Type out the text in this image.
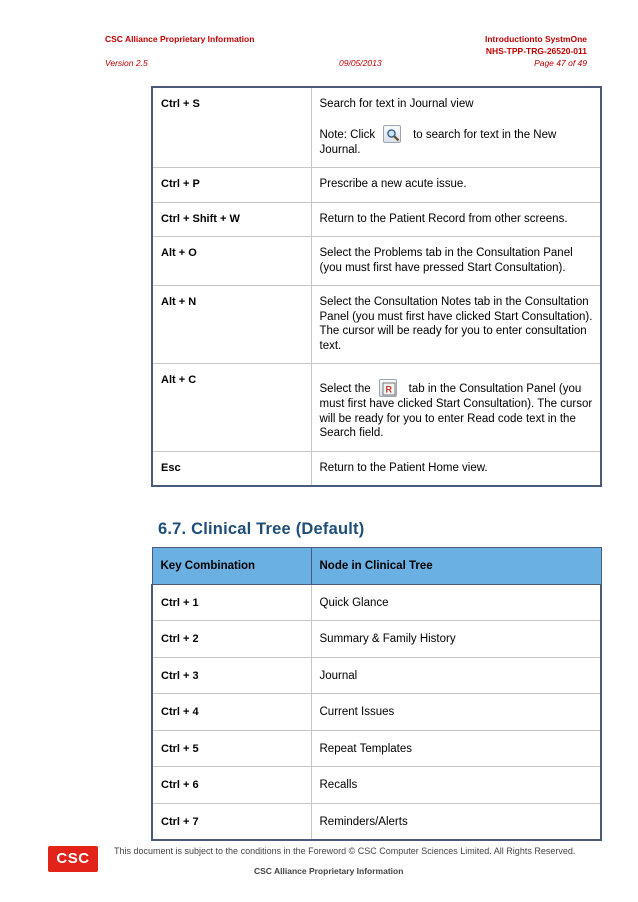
CSC Alliance Proprietary Information	Introductionto SystmOne
NHS-TPP-TRG-26520-011
Version 2.5	09/05/2013	Page 47 of 49
Ctrl + S	Search for text in Journal view
Note: Click to search for text in the New Journal.

Ctrl + P	Prescribe a new acute issue.
Ctrl + Shift + W	Return to the Patient Record from other screens.
Alt + O	Select the Problems tab in the Consultation Panel (you must first have pressed Start Consultation).
Alt + N	Select the Consultation Notes tab in the Consultation Panel (you must first have clicked Start Consultation). The cursor will be ready for you to enter consultation text.
Alt + C	Select the R tab in the Consultation Panel (you must first have clicked Start Consultation). The cursor will be ready for you to enter Read code text in the Search field.

Esc	Return to the Patient Home view.
6.7. Clinical Tree (Default)
Key Combination	Node in Clinical Tree
Ctrl + 1	Quick Glance
Ctrl + 2	Summary & Family History
Ctrl + 3	Journal
Ctrl + 4	Current Issues
Ctrl + 5	Repeat Templates
Ctrl + 6	Recalls
Ctrl + 7	Reminders/Alerts
CSC	This document is subject to the conditions in the Foreword © CSC Computer Sciences Limited. All Rights Reserved.
CSC Alliance Proprietary Information
